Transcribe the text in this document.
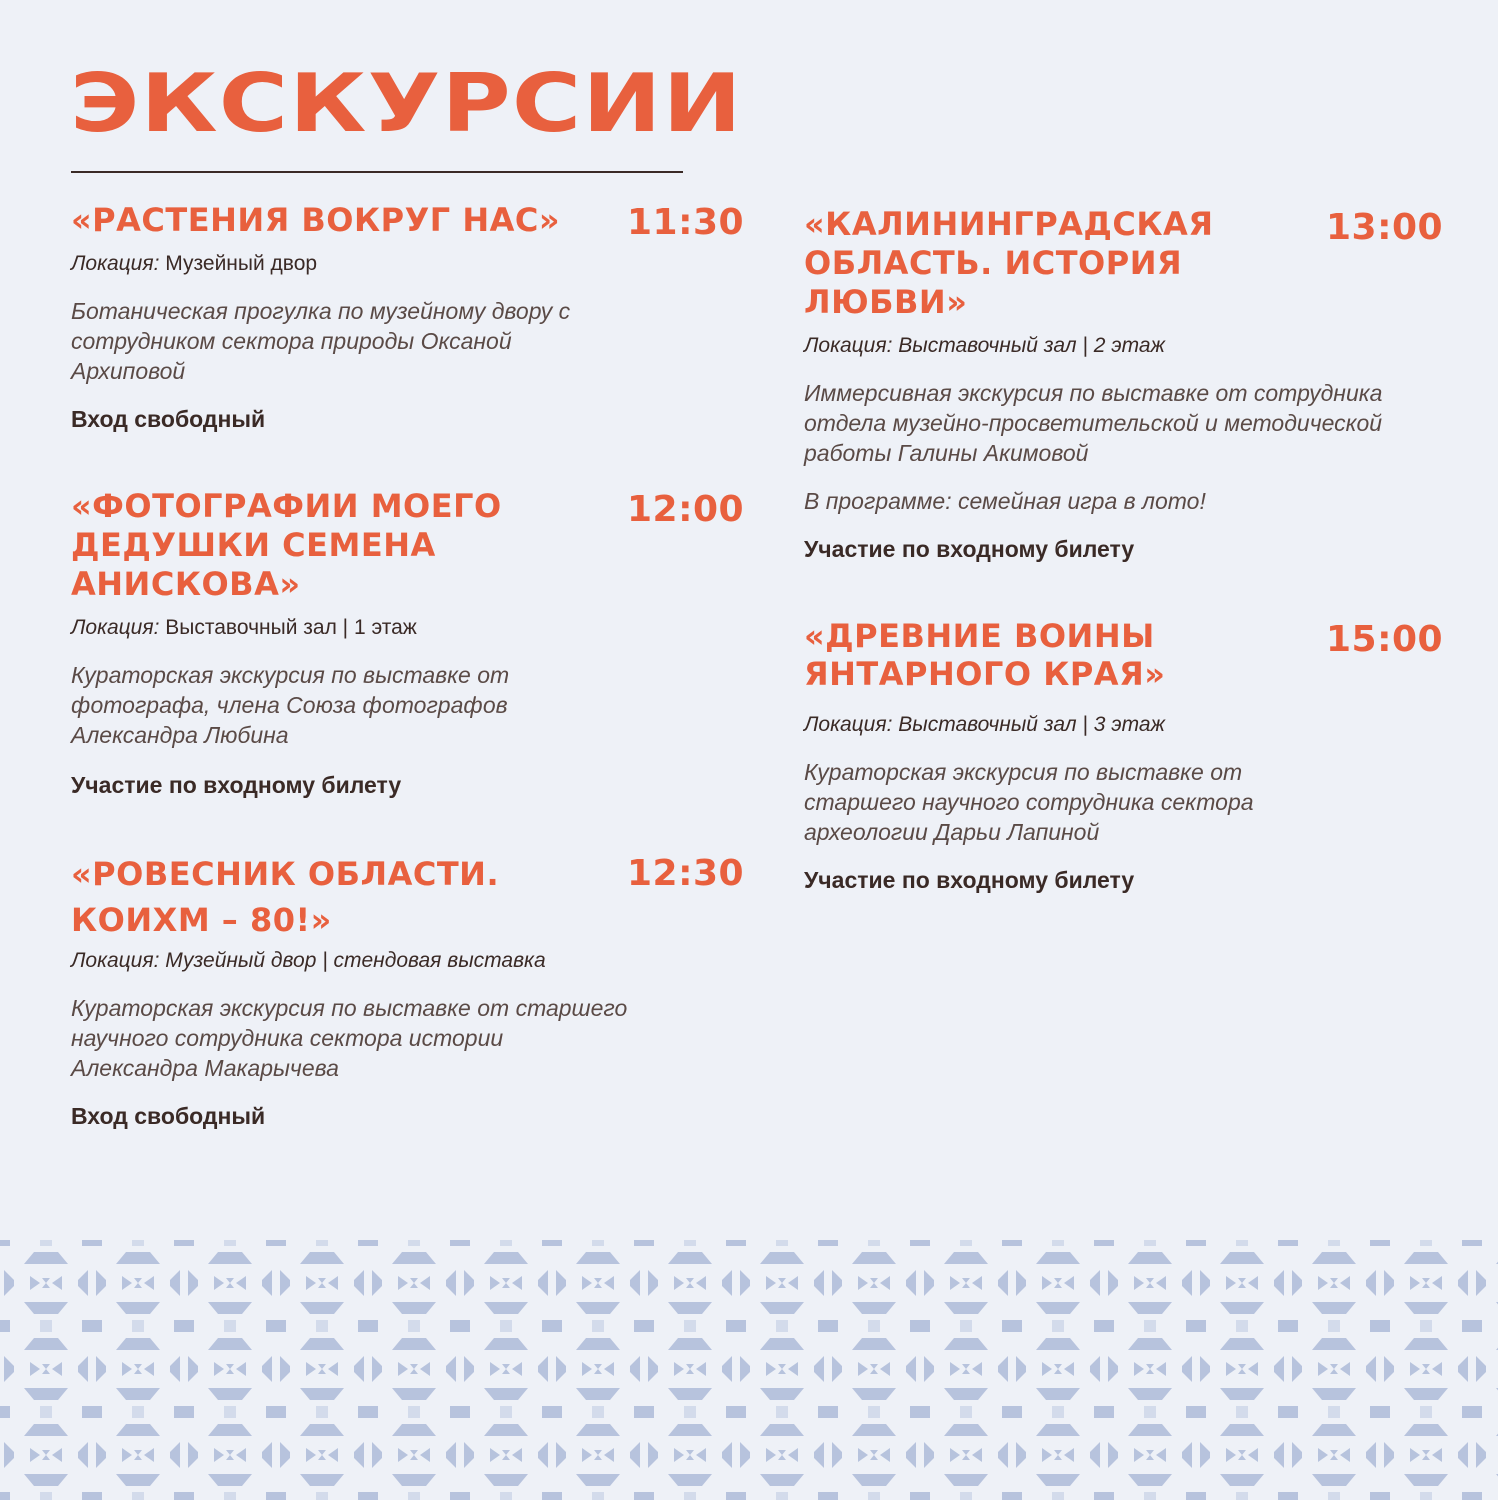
ЭКСКУРСИИ
«РАСТЕНИЯ ВОКРУГ НАС»	11:30

Локация: Музейный двор

Ботаническая прогулка по музейному двору с сотрудником сектора природы Оксаной Архиповой

Вход свободный

«ФОТОГРАФИИ МОЕГО ДЕДУШКИ СЕМЕНА АНИСКОВА»
12:00

Локация: Выставочный зал | 1 этаж

Кураторская экскурсия по выставке от фотографа, члена Союза фотографов Александра Любина

Участие по входному билету

«РОВЕСНИК ОБЛАСТИ. КОИХМ – 80!»
12:30

Локация: Музейный двор | стендовая выставка

Кураторская экскурсия по выставке от старшего научного сотрудника сектора истории Александра Макарычева

Вход свободный

«КАЛИНИНГРАДСКАЯ ОБЛАСТЬ. ИСТОРИЯ ЛЮБВИ»
13:00

Локация: Выставочный зал | 2 этаж

Иммерсивная экскурсия по выставке от сотрудника отдела музейно-просветительской и методической работы Галины Акимовой

В программе: семейная игра в лото!

Участие по входному билету

«ДРЕВНИЕ ВОИНЫ ЯНТАРНОГО КРАЯ»
15:00

Локация: Выставочный зал | 3 этаж

Кураторская экскурсия по выставке от старшего научного сотрудника сектора археологии Дарьи Лапиной

Участие по входному билету
